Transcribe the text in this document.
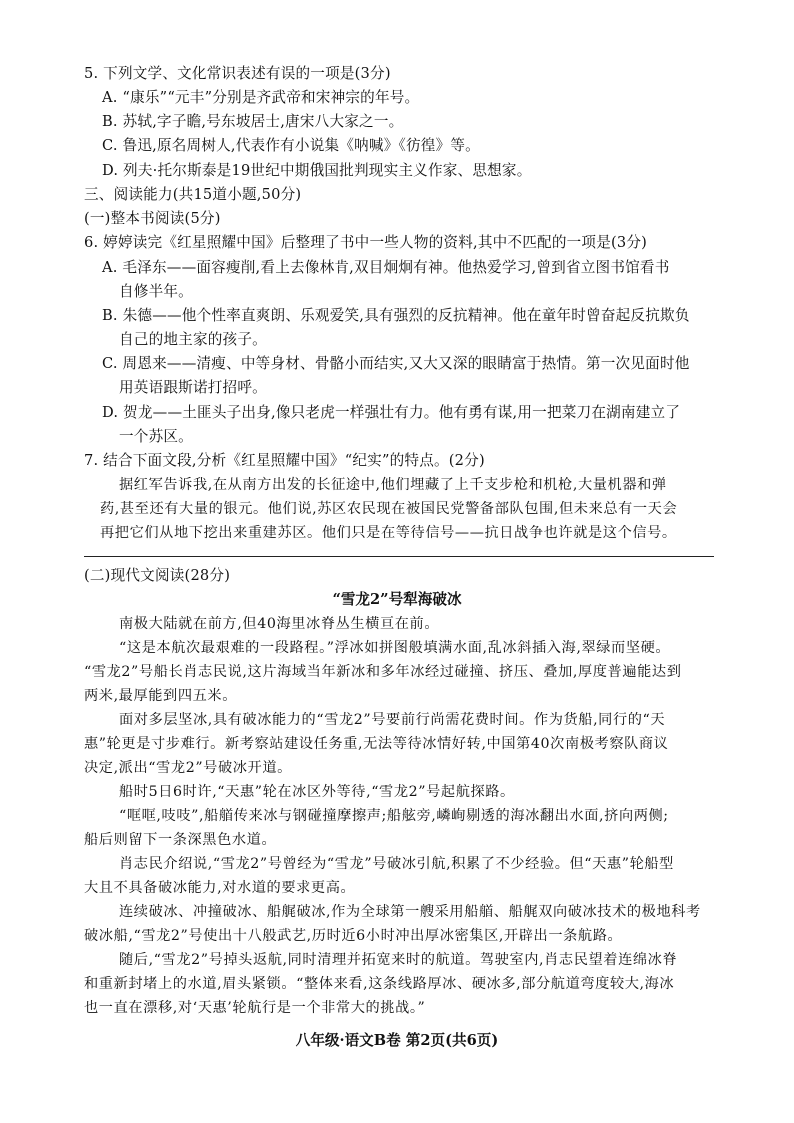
5. 下列文学、文化常识表述有误的一项是(3分)
A. “康乐”“元丰”分别是齐武帝和宋神宗的年号。
B. 苏轼,字子瞻,号东坡居士,唐宋八大家之一。
C. 鲁迅,原名周树人,代表作有小说集《呐喊》《彷徨》等。
D. 列夫·托尔斯泰是19世纪中期俄国批判现实主义作家、思想家。
三、阅读能力(共15道小题,50分)
(一)整本书阅读(5分)
6. 婷婷读完《红星照耀中国》后整理了书中一些人物的资料,其中不匹配的一项是(3分)
A. 毛泽东——面容瘦削,看上去像林肯,双目炯炯有神。他热爱学习,曾到省立图书馆看书
自修半年。
B. 朱德——他个性率直爽朗、乐观爱笑,具有强烈的反抗精神。他在童年时曾奋起反抗欺负
自己的地主家的孩子。
C. 周恩来——清瘦、中等身材、骨骼小而结实,又大又深的眼睛富于热情。第一次见面时他
用英语跟斯诺打招呼。
D. 贺龙——土匪头子出身,像只老虎一样强壮有力。他有勇有谋,用一把菜刀在湖南建立了
一个苏区。
7. 结合下面文段,分析《红星照耀中国》“纪实”的特点。(2分)
据红军告诉我,在从南方出发的长征途中,他们埋藏了上千支步枪和机枪,大量机器和弹
药,甚至还有大量的银元。他们说,苏区农民现在被国民党警备部队包围,但未来总有一天会
再把它们从地下挖出来重建苏区。他们只是在等待信号——抗日战争也许就是这个信号。
(二)现代文阅读(28分)
“雪龙2”号犁海破冰
南极大陆就在前方,但40海里冰脊丛生横亘在前。
“这是本航次最艰难的一段路程。”浮冰如拼图般填满水面,乱冰斜插入海,翠绿而坚硬。
“雪龙2”号船长肖志民说,这片海域当年新冰和多年冰经过碰撞、挤压、叠加,厚度普遍能达到
两米,最厚能到四五米。
面对多层坚冰,具有破冰能力的“雪龙2”号要前行尚需花费时间。作为货船,同行的“天
惠”轮更是寸步难行。新考察站建设任务重,无法等待冰情好转,中国第40次南极考察队商议
决定,派出“雪龙2”号破冰开道。
船时5日6时许,“天惠”轮在冰区外等待,“雪龙2”号起航探路。
“哐哐,吱吱”,船艏传来冰与钢碰撞摩擦声;船舷旁,嶙峋剔透的海冰翻出水面,挤向两侧;
船后则留下一条深黑色水道。
肖志民介绍说,“雪龙2”号曾经为“雪龙”号破冰引航,积累了不少经验。但“天惠”轮船型
大且不具备破冰能力,对水道的要求更高。
连续破冰、冲撞破冰、船艉破冰,作为全球第一艘采用船艏、船艉双向破冰技术的极地科考
破冰船,“雪龙2”号使出十八般武艺,历时近6小时冲出厚冰密集区,开辟出一条航路。
随后,“雪龙2”号掉头返航,同时清理并拓宽来时的航道。驾驶室内,肖志民望着连绵冰脊
和重新封堵上的水道,眉头紧锁。“整体来看,这条线路厚冰、硬冰多,部分航道弯度较大,海冰
也一直在漂移,对‘天惠’轮航行是一个非常大的挑战。”
八年级·语文B卷 第2页(共6页)
